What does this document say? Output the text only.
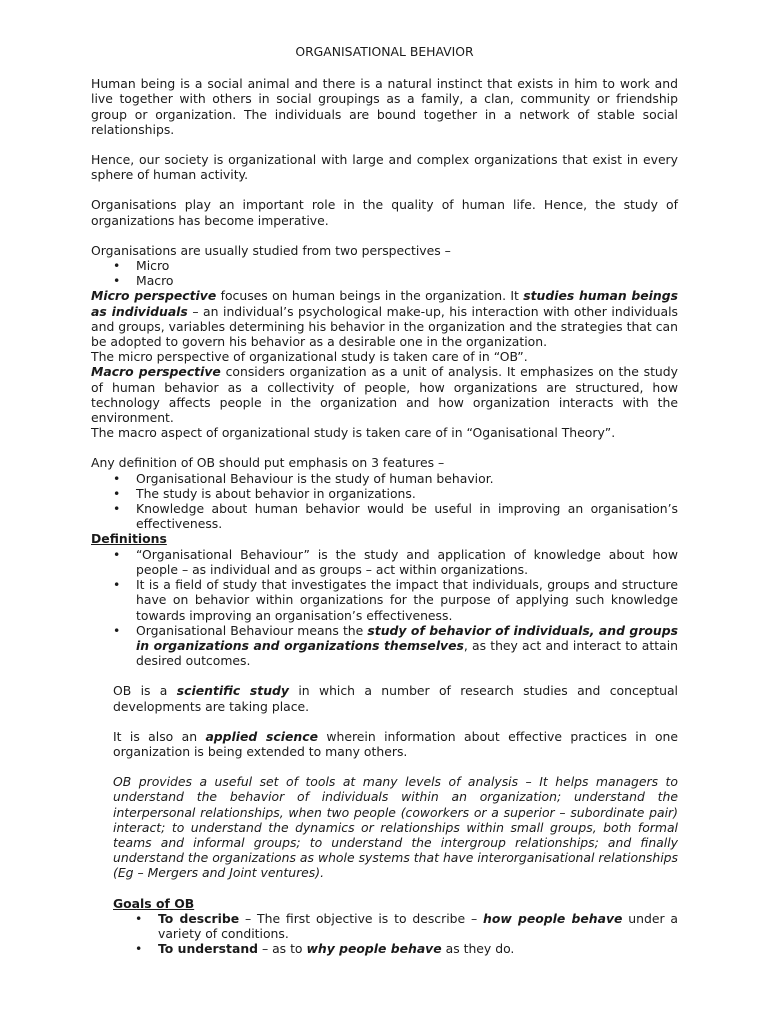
ORGANISATIONAL BEHAVIOR

Human being is a social animal and there is a natural instinct that exists in him to work and live together with others in social groupings as a family, a clan, community or friendship group or organization. The individuals are bound together in a network of stable social relationships.

Hence, our society is organizational with large and complex organizations that exist in every sphere of human activity.

Organisations play an important role in the quality of human life. Hence, the study of organizations has become imperative.

Organisations are usually studied from two perspectives –

• Micro
• Macro

Micro perspective focuses on human beings in the organization. It studies human beings as individuals – an individual’s psychological make-up, his interaction with other individuals and groups, variables determining his behavior in the organization and the strategies that can be adopted to govern his behavior as a desirable one in the organization.

The micro perspective of organizational study is taken care of in “OB”.

Macro perspective considers organization as a unit of analysis. It emphasizes on the study of human behavior as a collectivity of people, how organizations are structured, how technology affects people in the organization and how organization interacts with the environment.

The macro aspect of organizational study is taken care of in “Oganisational Theory”.

Any definition of OB should put emphasis on 3 features –

• Organisational Behaviour is the study of human behavior.
• The study is about behavior in organizations.
• Knowledge about human behavior would be useful in improving an organisation’s effectiveness.

Definitions

• “Organisational Behaviour” is the study and application of knowledge about how people – as individual and as groups – act within organizations.
• It is a field of study that investigates the impact that individuals, groups and structure have on behavior within organizations for the purpose of applying such knowledge towards improving an organisation’s effectiveness.
• Organisational Behaviour means the study of behavior of individuals, and groups in organizations and organizations themselves, as they act and interact to attain desired outcomes.

OB is a scientific study in which a number of research studies and conceptual developments are taking place.

It is also an applied science wherein information about effective practices in one organization is being extended to many others.

OB provides a useful set of tools at many levels of analysis – It helps managers to understand the behavior of individuals within an organization; understand the interpersonal relationships, when two people (coworkers or a superior – subordinate pair) interact; to understand the dynamics or relationships within small groups, both formal teams and informal groups; to understand the intergroup relationships; and finally understand the organizations as whole systems that have interorganisational relationships (Eg – Mergers and Joint ventures).

Goals of OB

• To describe – The first objective is to describe – how people behave under a variety of conditions.
• To understand – as to why people behave as they do.
